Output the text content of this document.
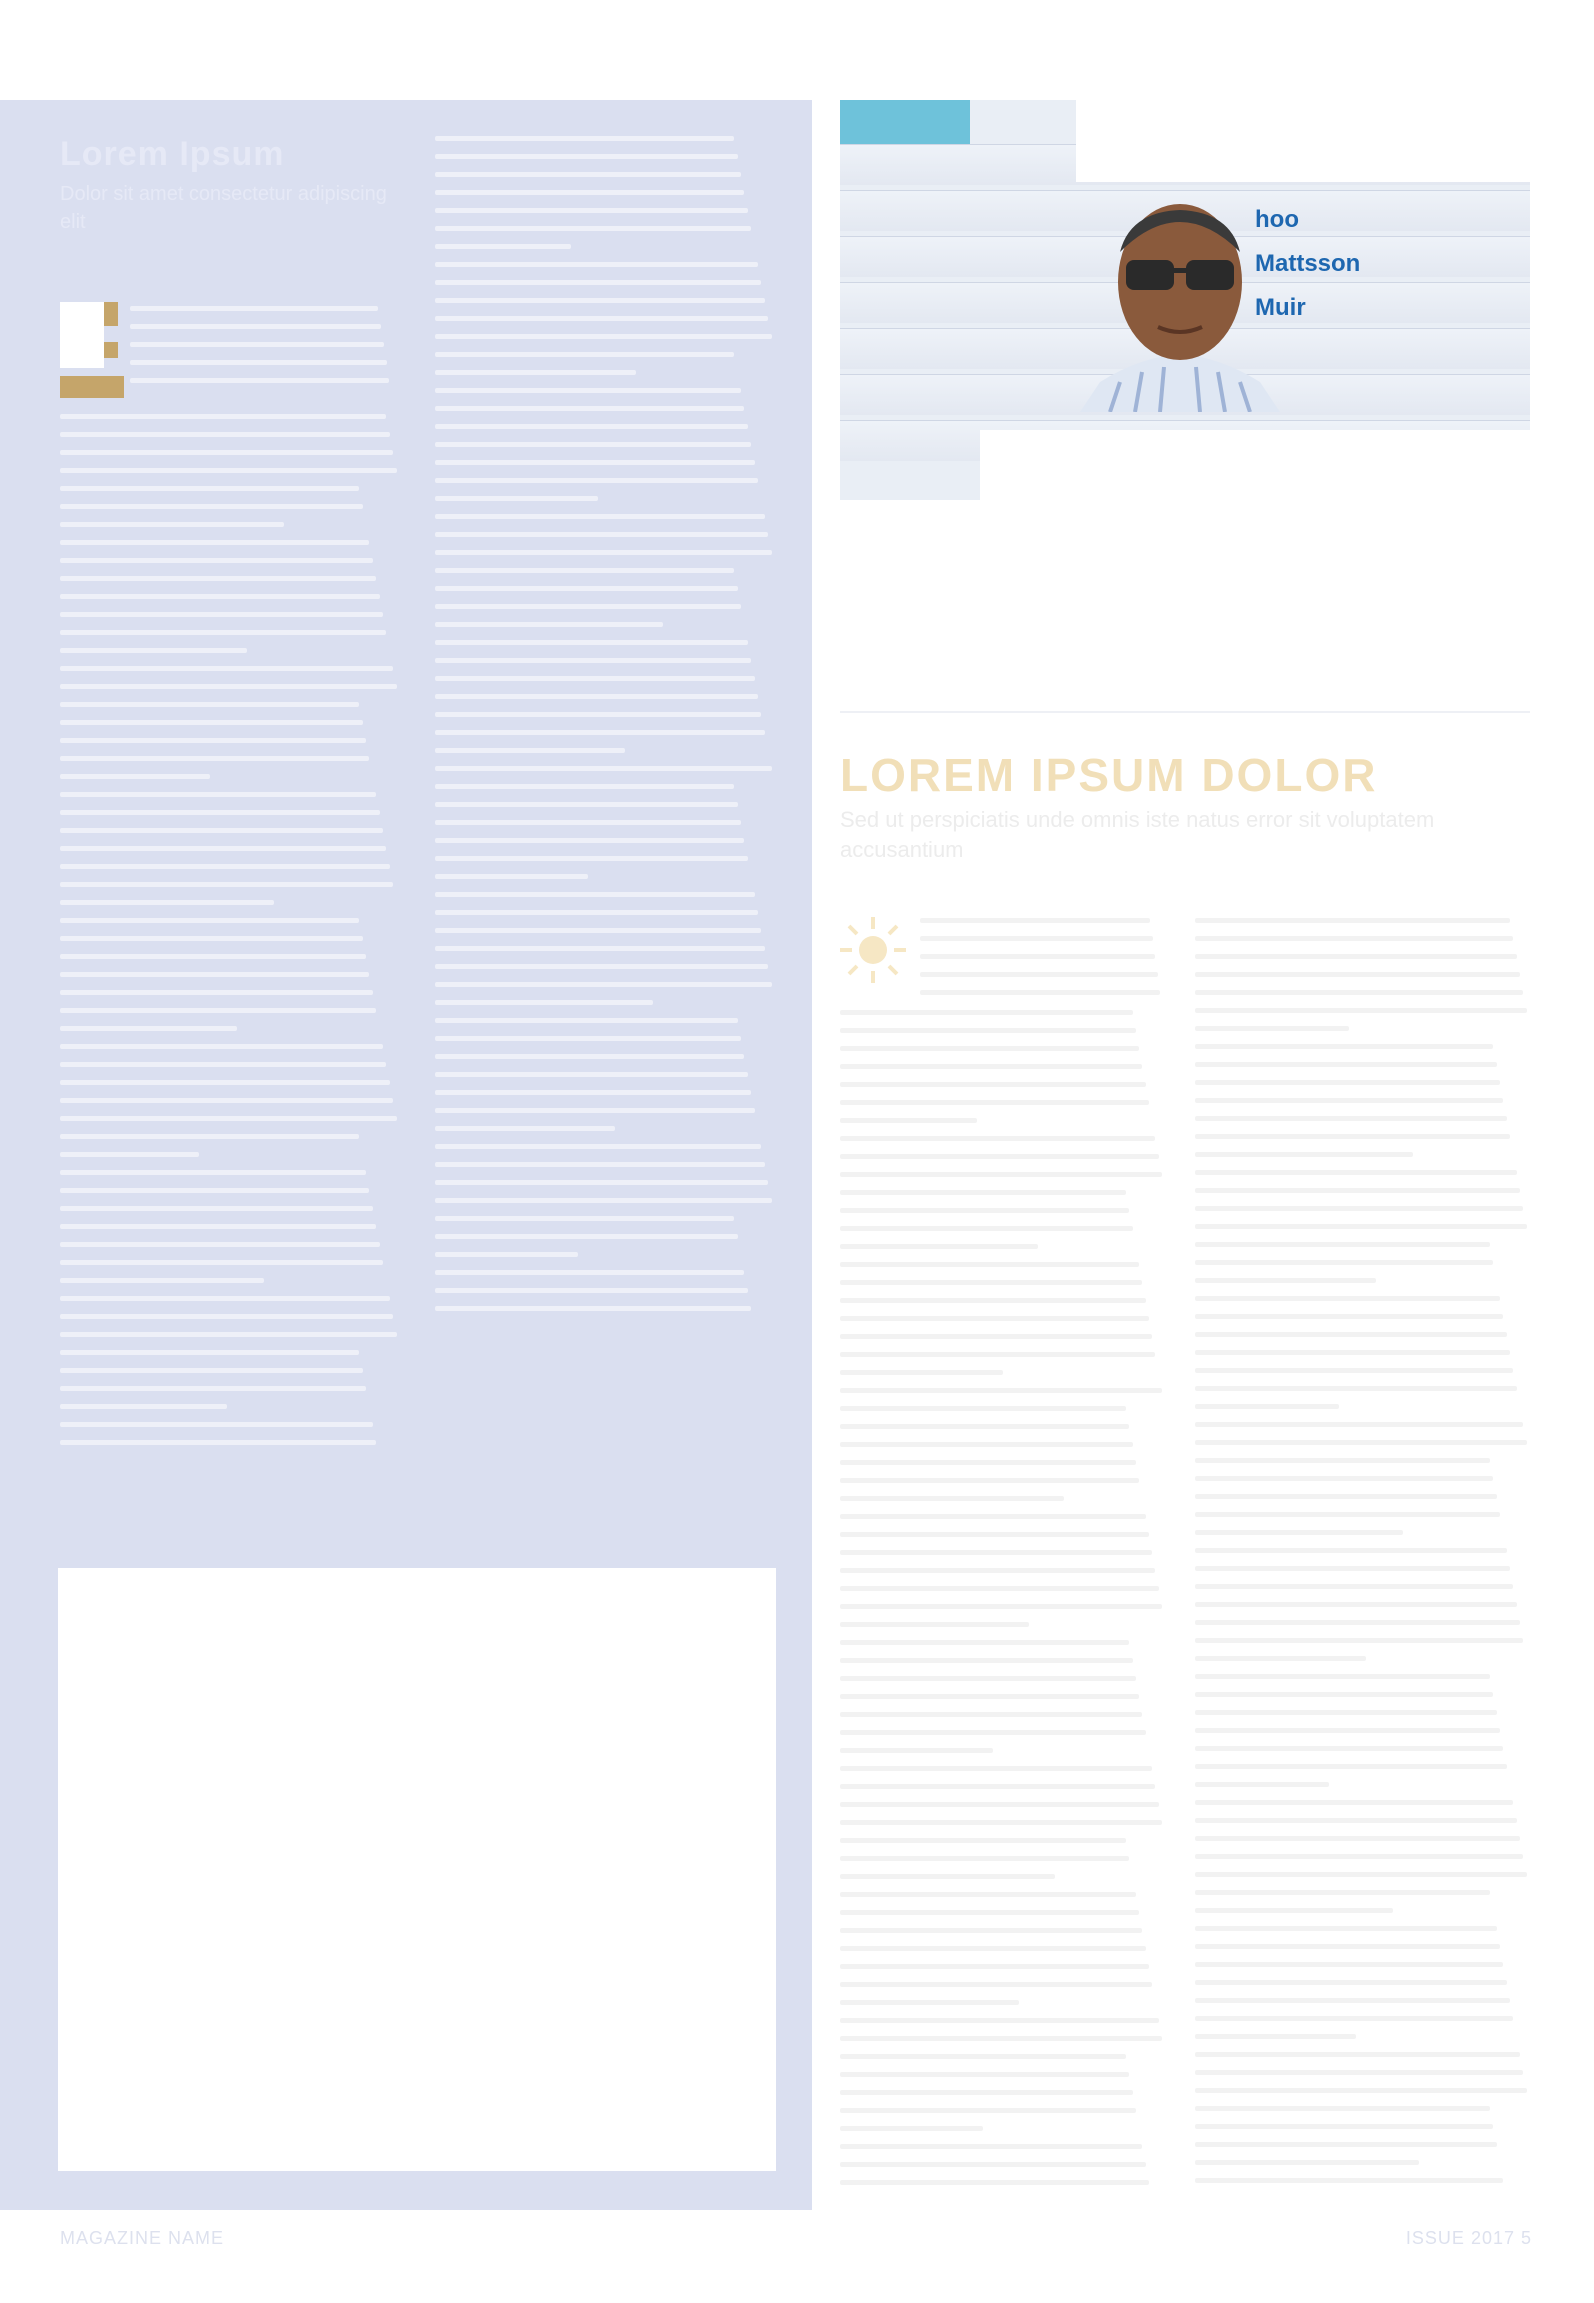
Lorem Ipsum
Dolor sit amet consectetur adipiscing elit	hoo
Mattsson
Muir
LOREM IPSUM DOLOR
Sed ut perspiciatis unde omnis iste natus error sit voluptatem accusantium
MAGAZINE NAME	ISSUE 2017 5
